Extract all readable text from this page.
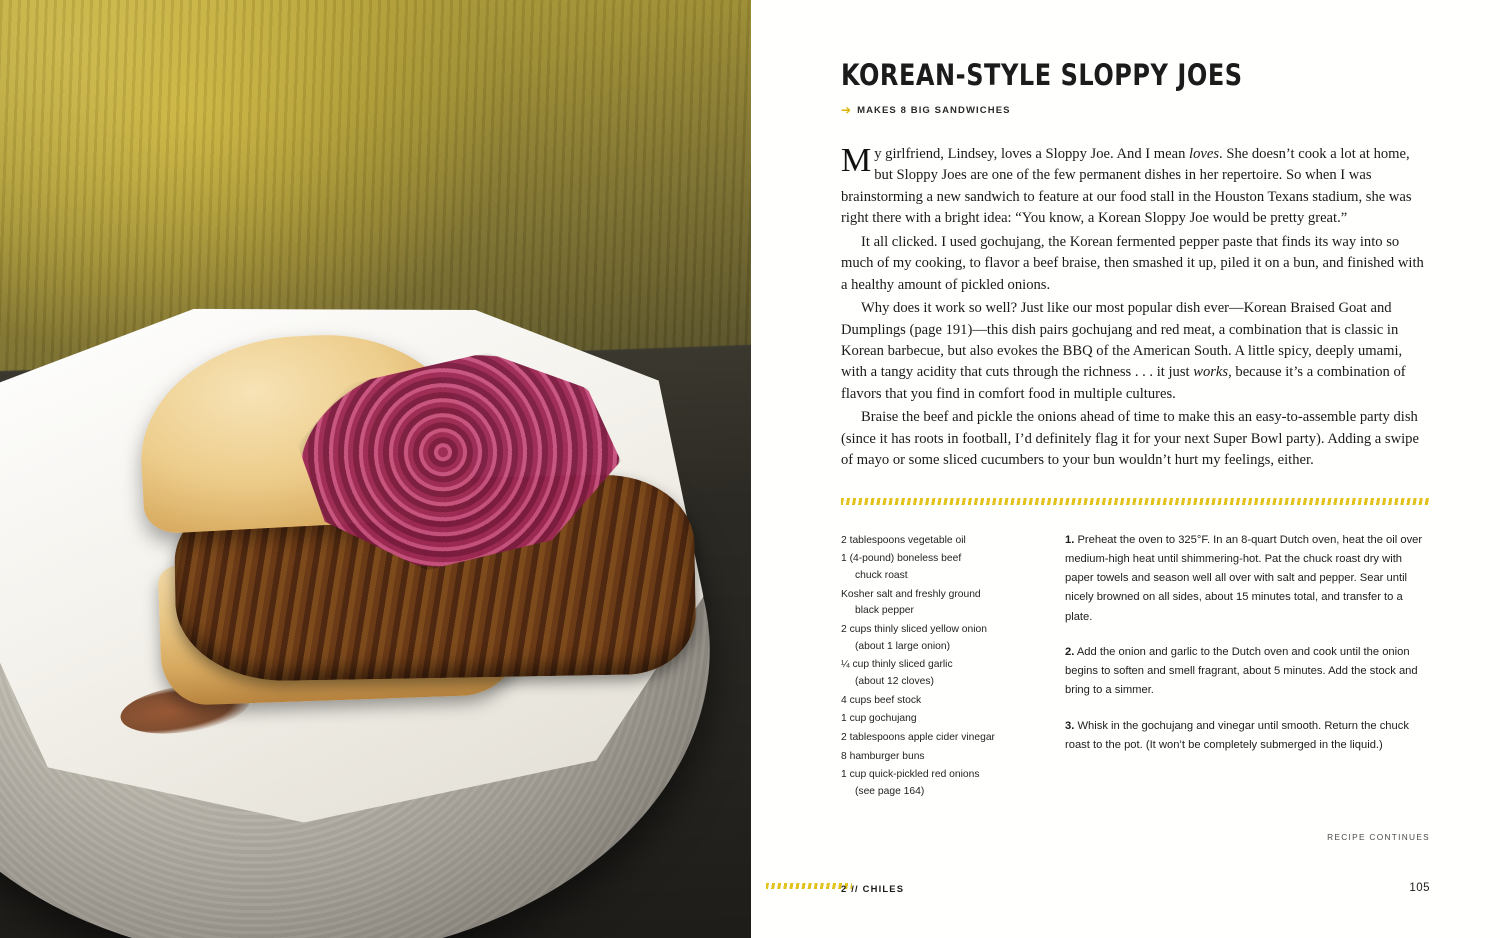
KOREAN-STYLE SLOPPY JOES
➔ MAKES 8 BIG SANDWICHES

My girlfriend, Lindsey, loves a Sloppy Joe. And I mean loves. She doesn’t cook a lot at home, but Sloppy Joes are one of the few permanent dishes in her repertoire. So when I was brainstorming a new sandwich to feature at our food stall in the Houston Texans stadium, she was right there with a bright idea: “You know, a Korean Sloppy Joe would be pretty great.”

It all clicked. I used gochujang, the Korean fermented pepper paste that finds its way into so much of my cooking, to flavor a beef braise, then smashed it up, piled it on a bun, and finished with a healthy amount of pickled onions.

Why does it work so well? Just like our most popular dish ever—Korean Braised Goat and Dumplings (page 191)—this dish pairs gochujang and red meat, a combination that is classic in Korean barbecue, but also evokes the BBQ of the American South. A little spicy, deeply umami, with a tangy acidity that cuts through the richness . . . it just works, because it’s a combination of flavors that you find in comfort food in multiple cultures.

Braise the beef and pickle the onions ahead of time to make this an easy-to-assemble party dish (since it has roots in football, I’d definitely flag it for your next Super Bowl party). Adding a swipe of mayo or some sliced cucumbers to your bun wouldn’t hurt my feelings, either.

2 tablespoons vegetable oil

1 (4-pound) boneless beef
chuck roast

Kosher salt and freshly ground
black pepper

2 cups thinly sliced yellow onion
(about 1 large onion)

¼ cup thinly sliced garlic
(about 12 cloves)

4 cups beef stock

1 cup gochujang

2 tablespoons apple cider vinegar

8 hamburger buns

1 cup quick-pickled red onions
(see page 164)

1. Preheat the oven to 325°F. In an 8-quart Dutch oven, heat the oil over medium-high heat until shimmering-hot. Pat the chuck roast dry with paper towels and season well all over with salt and pepper. Sear until nicely browned on all sides, about 15 minutes total, and transfer to a plate.

2. Add the onion and garlic to the Dutch oven and cook until the onion begins to soften and smell fragrant, about 5 minutes. Add the stock and bring to a simmer.

3. Whisk in the gochujang and vinegar until smooth. Return the chuck roast to the pot. (It won’t be completely submerged in the liquid.)

RECIPE CONTINUES
2 // CHILES	105
